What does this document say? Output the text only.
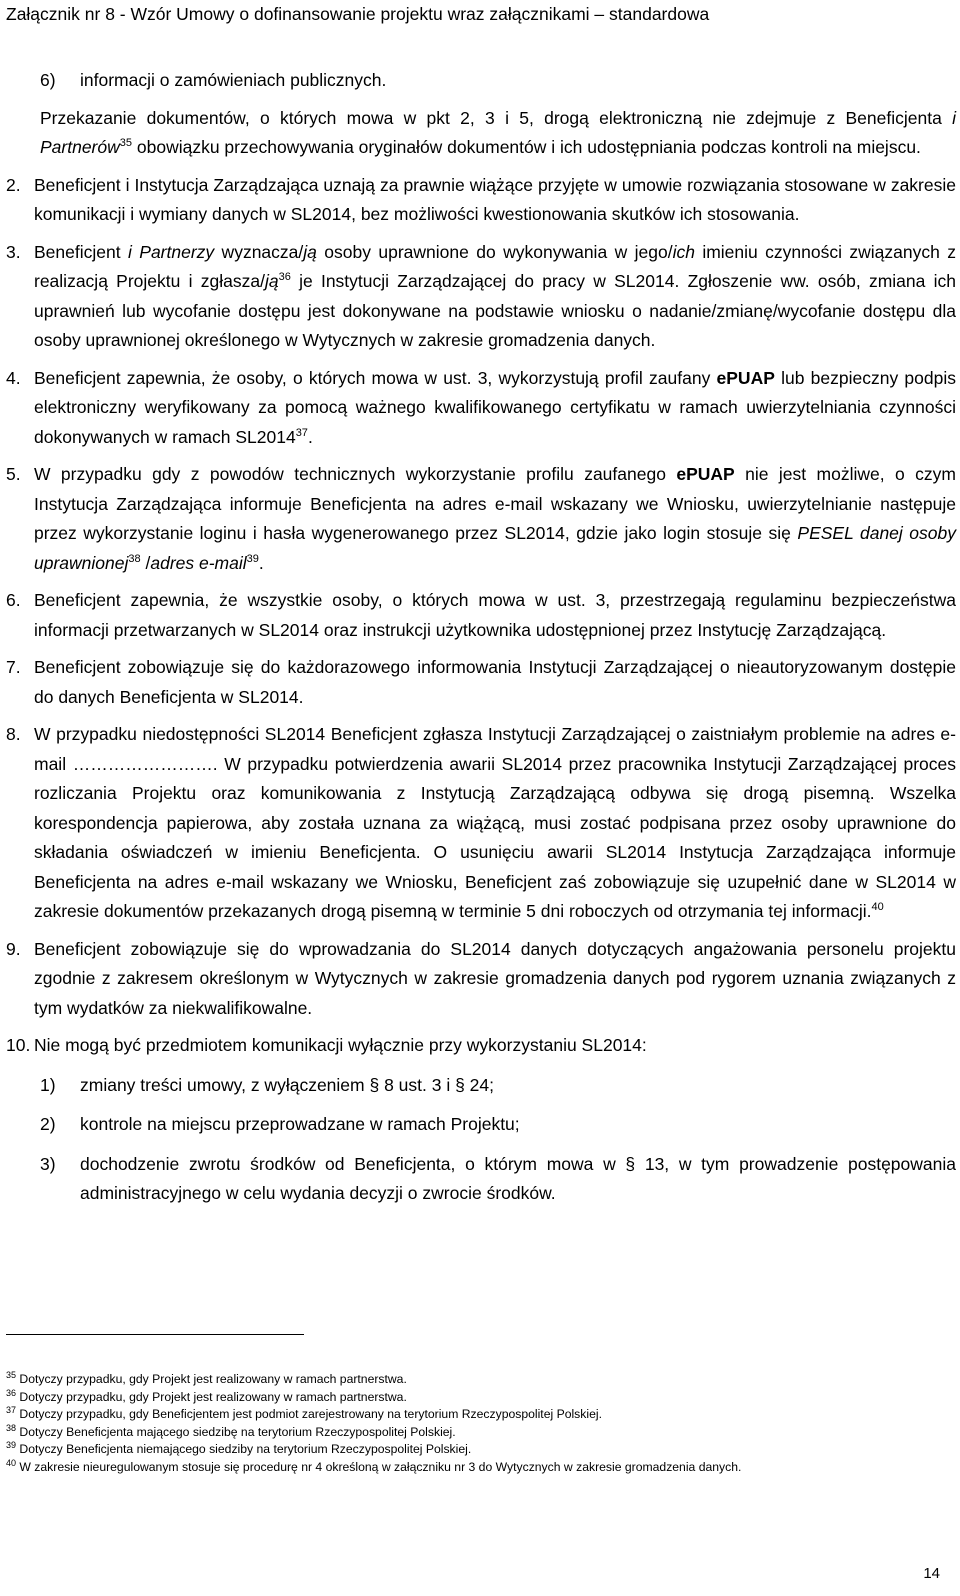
Załącznik nr 8 - Wzór Umowy o dofinansowanie projektu wraz załącznikami – standardowa
6)	informacji o zamówieniach publicznych.
Przekazanie dokumentów, o których mowa w pkt 2, 3 i 5, drogą elektroniczną nie zdejmuje z Beneficjenta i Partnerów$^{35}$ obowiązku przechowywania oryginałów dokumentów i ich udostępniania podczas kontroli na miejscu.
2. Beneficjent i Instytucja Zarządzająca uznają za prawnie wiążące przyjęte w umowie rozwiązania stosowane w zakresie komunikacji i wymiany danych w SL2014, bez możliwości kwestionowania skutków ich stosowania.
3. Beneficjent i Partnerzy wyznacza/ją osoby uprawnione do wykonywania w jego/ich imieniu czynności związanych z realizacją Projektu i zgłasza/$ją^{36}$ je Instytucji Zarządzającej do pracy w SL2014. Zgłoszenie ww. osób, zmiana ich uprawnień lub wycofanie dostępu jest dokonywane na podstawie wniosku o nadanie/zmianę/wycofanie dostępu dla osoby uprawnionej określonego w Wytycznych w zakresie gromadzenia danych.
4. Beneficjent zapewnia, że osoby, o których mowa w ust. 3, wykorzystują profil zaufany ePUAP lub bezpieczny podpis elektroniczny weryfikowany za pomocą ważnego kwalifikowanego certyfikatu w ramach uwierzytelniania czynności dokonywanych w ramach SL2014$^{37}$.
5. W przypadku gdy z powodów technicznych wykorzystanie profilu zaufanego ePUAP nie jest możliwe, o czym Instytucja Zarządzająca informuje Beneficjenta na adres e-mail wskazany we Wniosku, uwierzytelnianie następuje przez wykorzystanie loginu i hasła wygenerowanego przez SL2014, gdzie jako login stosuje się PESEL danej osoby uprawnionej$^{38}$ /adres e-mail$^{39}$.
6. Beneficjent zapewnia, że wszystkie osoby, o których mowa w ust. 3, przestrzegają regulaminu bezpieczeństwa informacji przetwarzanych w SL2014 oraz instrukcji użytkownika udostępnionej przez Instytucję Zarządzającą.
7. Beneficjent zobowiązuje się do każdorazowego informowania Instytucji Zarządzającej o nieautoryzowanym dostępie do danych Beneficjenta w SL2014.
8. W przypadku niedostępności SL2014 Beneficjent zgłasza Instytucji Zarządzającej o zaistniałym problemie na adres e-mail ……………………. W przypadku potwierdzenia awarii SL2014 przez pracownika Instytucji Zarządzającej proces rozliczania Projektu oraz komunikowania z Instytucją Zarządzającą odbywa się drogą pisemną. Wszelka korespondencja papierowa, aby została uznana za wiążącą, musi zostać podpisana przez osoby uprawnione do składania oświadczeń w imieniu Beneficjenta. O usunięciu awarii SL2014 Instytucja Zarządzająca informuje Beneficjenta na adres e-mail wskazany we Wniosku, Beneficjent zaś zobowiązuje się uzupełnić dane w SL2014 w zakresie dokumentów przekazanych drogą pisemną w terminie 5 dni roboczych od otrzymania tej informacji.$^{40}$
9. Beneficjent zobowiązuje się do wprowadzania do SL2014 danych dotyczących angażowania personelu projektu zgodnie z zakresem określonym w Wytycznych w zakresie gromadzenia danych pod rygorem uznania związanych z tym wydatków za niekwalifikowalne.
10. Nie mogą być przedmiotem komunikacji wyłącznie przy wykorzystaniu SL2014:
1) zmiany treści umowy, z wyłączeniem § 8 ust. 3 i § 24;
2) kontrole na miejscu przeprowadzane w ramach Projektu;
3) dochodzenie zwrotu środków od Beneficjenta, o którym mowa w § 13, w tym prowadzenie postępowania administracyjnego w celu wydania decyzji o zwrocie środków.
$^{35}$ Dotyczy przypadku, gdy Projekt jest realizowany w ramach partnerstwa.
$^{36}$ Dotyczy przypadku, gdy Projekt jest realizowany w ramach partnerstwa.
$^{37}$ Dotyczy przypadku, gdy Beneficjentem jest podmiot zarejestrowany na terytorium Rzeczypospolitej Polskiej.
$^{38}$ Dotyczy Beneficjenta mającego siedzibę na terytorium Rzeczypospolitej Polskiej.
$^{39}$ Dotyczy Beneficjenta niemającego siedziby na terytorium Rzeczypospolitej Polskiej.
$^{40}$ W zakresie nieuregulowanym stosuje się procedurę nr 4 określoną w załączniku nr 3 do Wytycznych w zakresie gromadzenia danych.
14
